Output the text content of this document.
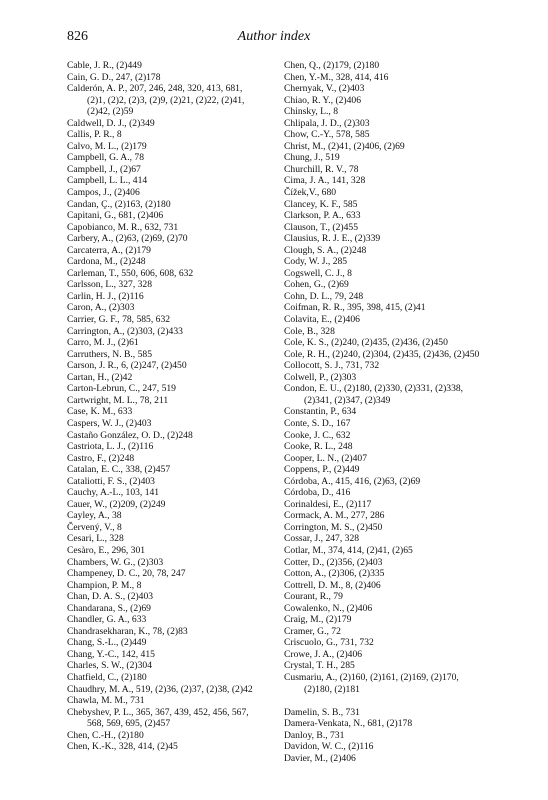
826	Author index
Cable, J. R., (2)449
Cain, G. D., 247, (2)178
Calderón, A. P., 207, 246, 248, 320, 413, 681,
(2)1, (2)2, (2)3, (2)9, (2)21, (2)22, (2)41,
(2)42, (2)59
Caldwell, D. J., (2)349
Callis, P. R., 8
Calvo, M. L., (2)179
Campbell, G. A., 78
Campbell, J., (2)67
Campbell, L. L., 414
Campos, J., (2)406
Candan, Ç., (2)163, (2)180
Capitani, G., 681, (2)406
Capobianco, M. R., 632, 731
Carbery, A., (2)63, (2)69, (2)70
Carcaterra, A., (2)179
Cardona, M., (2)248
Carleman, T., 550, 606, 608, 632
Carlsson, L., 327, 328
Carlin, H. J., (2)116
Caron, A., (2)303
Carrier, G. F., 78, 585, 632
Carrington, A., (2)303, (2)433
Carro, M. J., (2)61
Carruthers, N. B., 585
Carson, J. R., 6, (2)247, (2)450
Cartan, H., (2)42
Carton-Lebrun, C., 247, 519
Cartwright, M. L., 78, 211
Case, K. M., 633
Caspers, W. J., (2)403
Castaño González, O. D., (2)248
Castriota, L. J., (2)116
Castro, F., (2)248
Catalan, E. C., 338, (2)457
Cataliotti, F. S., (2)403
Cauchy, A.-L., 103, 141
Cauer, W., (2)209, (2)249
Cayley, A., 38
Červený, V., 8
Cesari, L., 328
Cesàro, E., 296, 301
Chambers, W. G., (2)303
Champeney, D. C., 20, 78, 247
Champion, P. M., 8
Chan, D. A. S., (2)403
Chandarana, S., (2)69
Chandler, G. A., 633
Chandrasekharan, K., 78, (2)83
Chang, S.-L., (2)449
Chang, Y.-C., 142, 415
Charles, S. W., (2)304
Chatfield, C., (2)180
Chaudhry, M. A., 519, (2)36, (2)37, (2)38, (2)42
Chawla, M. M., 731
Chebyshev, P. L., 365, 367, 439, 452, 456, 567,
568, 569, 695, (2)457
Chen, C.-H., (2)180
Chen, K.-K., 328, 414, (2)45
Chen, Q., (2)179, (2)180
Chen, Y.-M., 328, 414, 416
Chernyak, V., (2)403
Chiao, R. Y., (2)406
Chinsky, L., 8
Chlipala, J. D., (2)303
Chow, C.-Y., 578, 585
Christ, M., (2)41, (2)406, (2)69
Chung, J., 519
Churchill, R. V., 78
Cima, J. A., 141, 328
Čížek,V., 680
Clancey, K. F., 585
Clarkson, P. A., 633
Clauson, T., (2)455
Clausius, R. J. E., (2)339
Clough, S. A., (2)248
Cody, W. J., 285
Cogswell, C. J., 8
Cohen, G., (2)69
Cohn, D. L., 79, 248
Coifman, R. R., 395, 398, 415, (2)41
Colavita, E., (2)406
Cole, B., 328
Cole, K. S., (2)240, (2)435, (2)436, (2)450
Cole, R. H., (2)240, (2)304, (2)435, (2)436, (2)450
Collocott, S. J., 731, 732
Colwell, P., (2)303
Condon, E. U., (2)180, (2)330, (2)331, (2)338,
(2)341, (2)347, (2)349
Constantin, P., 634
Conte, S. D., 167
Cooke, J. C., 632
Cooke, R. L., 248
Cooper, L. N., (2)407
Coppens, P., (2)449
Córdoba, A., 415, 416, (2)63, (2)69
Córdoba, D., 416
Corinaldesi, E., (2)117
Cormack, A. M., 277, 286
Corrington, M. S., (2)450
Cossar, J., 247, 328
Cotlar, M., 374, 414, (2)41, (2)65
Cotter, D., (2)356, (2)403
Cotton, A., (2)306, (2)335
Cottrell, D. M., 8, (2)406
Courant, R., 79
Cowalenko, N., (2)406
Craig, M., (2)179
Cramer, G., 72
Criscuolo, G., 731, 732
Crowe, J. A., (2)406
Crystal, T. H., 285
Cusmariu, A., (2)160, (2)161, (2)169, (2)170,
(2)180, (2)181
Damelin, S. B., 731
Damera-Venkata, N., 681, (2)178
Danloy, B., 731
Davidon, W. C., (2)116
Davier, M., (2)406
